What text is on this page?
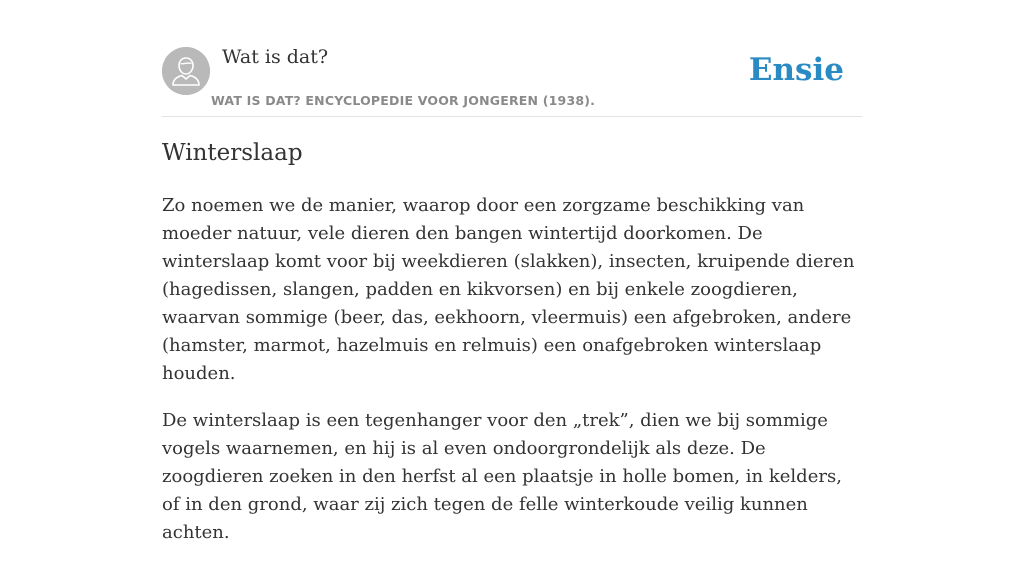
Wat is dat?
WAT IS DAT? ENCYCLOPEDIE VOOR JONGEREN (1938).
Ensie
Winterslaap

Zo noemen we de manier, waarop door een zorgzame beschikking van moeder natuur, vele dieren den bangen wintertijd doorkomen. De winterslaap komt voor bij weekdieren (slakken), insecten, kruipende dieren (hagedissen, slangen, padden en kikvorsen) en bij enkele zoogdieren, waarvan sommige (beer, das, eekhoorn, vleermuis) een afgebroken, andere (hamster, marmot, hazelmuis en relmuis) een onafgebroken winterslaap houden.

De winterslaap is een tegenhanger voor den „trek”, dien we bij sommige vogels waarnemen, en hij is al even ondoorgrondelijk als deze. De zoogdieren zoeken in den herfst al een plaatsje in holle bomen, in kelders, of in den grond, waar zij zich tegen de felle winterkoude veilig kunnen achten.
